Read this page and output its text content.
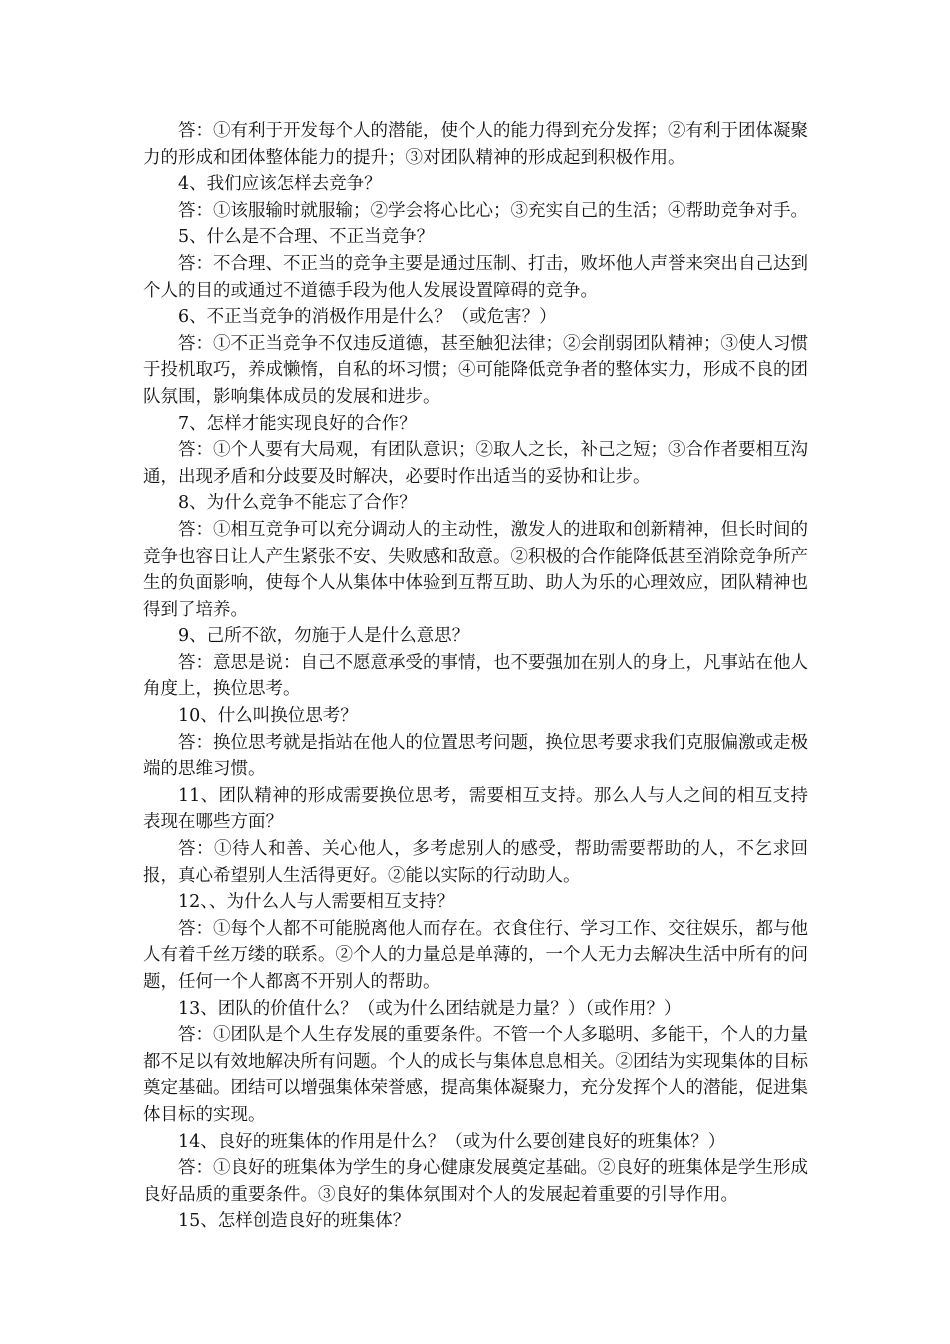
答：①有利于开发每个人的潜能，使个人的能力得到充分发挥；②有利于团体凝聚力的形成和团体整体能力的提升；③对团队精神的形成起到积极作用。

4、我们应该怎样去竞争？

答：①该服输时就服输；②学会将心比心；③充实自己的生活；④帮助竞争对手。

5、什么是不合理、不正当竞争？

答：不合理、不正当的竞争主要是通过压制、打击，败坏他人声誉来突出自己达到个人的目的或通过不道德手段为他人发展设置障碍的竞争。

6、不正当竞争的消极作用是什么？（或危害？）

答：①不正当竞争不仅违反道德，甚至触犯法律；②会削弱团队精神；③使人习惯于投机取巧，养成懒惰，自私的坏习惯；④可能降低竞争者的整体实力，形成不良的团队氛围，影响集体成员的发展和进步。

7、怎样才能实现良好的合作？

答：①个人要有大局观，有团队意识；②取人之长，补己之短；③合作者要相互沟通，出现矛盾和分歧要及时解决，必要时作出适当的妥协和让步。

8、为什么竞争不能忘了合作？

答：①相互竞争可以充分调动人的主动性，激发人的进取和创新精神，但长时间的竞争也容日让人产生紧张不安、失败感和敌意。②积极的合作能降低甚至消除竞争所产生的负面影响，使每个人从集体中体验到互帮互助、助人为乐的心理效应，团队精神也得到了培养。

9、己所不欲，勿施于人是什么意思？

答：意思是说：自己不愿意承受的事情，也不要强加在别人的身上，凡事站在他人角度上，换位思考。

10、什么叫换位思考？

答：换位思考就是指站在他人的位置思考问题，换位思考要求我们克服偏激或走极端的思维习惯。

11、团队精神的形成需要换位思考，需要相互支持。那么人与人之间的相互支持表现在哪些方面？

答：①待人和善、关心他人，多考虑别人的感受，帮助需要帮助的人，不乞求回报，真心希望别人生活得更好。②能以实际的行动助人。

12、、为什么人与人需要相互支持？

答：①每个人都不可能脱离他人而存在。衣食住行、学习工作、交往娱乐，都与他人有着千丝万缕的联系。②个人的力量总是单薄的，一个人无力去解决生活中所有的问题，任何一个人都离不开别人的帮助。

13、团队的价值什么？（或为什么团结就是力量？）（或作用？）

答：①团队是个人生存发展的重要条件。不管一个人多聪明、多能干，个人的力量都不足以有效地解决所有问题。个人的成长与集体息息相关。②团结为实现集体的目标奠定基础。团结可以增强集体荣誉感，提高集体凝聚力，充分发挥个人的潜能，促进集体目标的实现。

14、良好的班集体的作用是什么？（或为什么要创建良好的班集体？）

答：①良好的班集体为学生的身心健康发展奠定基础。②良好的班集体是学生形成良好品质的重要条件。③良好的集体氛围对个人的发展起着重要的引导作用。

15、怎样创造良好的班集体？
